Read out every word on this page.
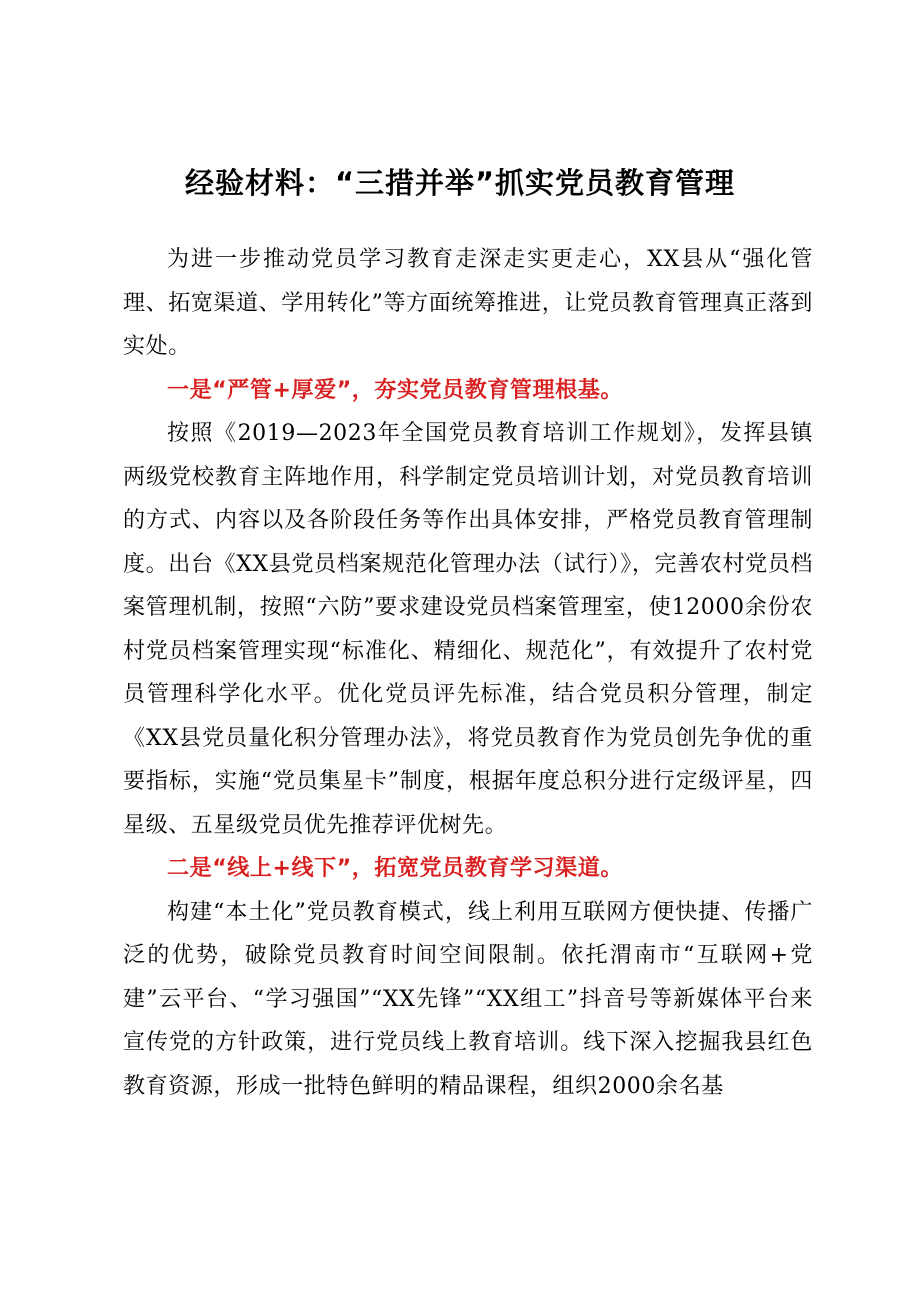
经验材料：“三措并举”抓实党员教育管理

为进一步推动党员学习教育走深走实更走心，XX县从“强化管理、拓宽渠道、学用转化”等方面统筹推进，让党员教育管理真正落到实处。

一是“严管+厚爱”，夯实党员教育管理根基。

按照《2019—2023年全国党员教育培训工作规划》，发挥县镇两级党校教育主阵地作用，科学制定党员培训计划，对党员教育培训的方式、内容以及各阶段任务等作出具体安排，严格党员教育管理制度。出台《XX县党员档案规范化管理办法（试行）》，完善农村党员档案管理机制，按照“六防”要求建设党员档案管理室，使12000余份农村党员档案管理实现“标准化、精细化、规范化”，有效提升了农村党员管理科学化水平。优化党员评先标准，结合党员积分管理，制定《XX县党员量化积分管理办法》，将党员教育作为党员创先争优的重要指标，实施“党员集星卡”制度，根据年度总积分进行定级评星，四星级、五星级党员优先推荐评优树先。

二是“线上+线下”，拓宽党员教育学习渠道。

构建“本土化”党员教育模式，线上利用互联网方便快捷、传播广泛的优势，破除党员教育时间空间限制。依托渭南市“互联网+党建”云平台、“学习强国”“XX先锋”“XX组工”抖音号等新媒体平台来宣传党的方针政策，进行党员线上教育培训。线下深入挖掘我县红色教育资源，形成一批特色鲜明的精品课程，组织2000余名基
